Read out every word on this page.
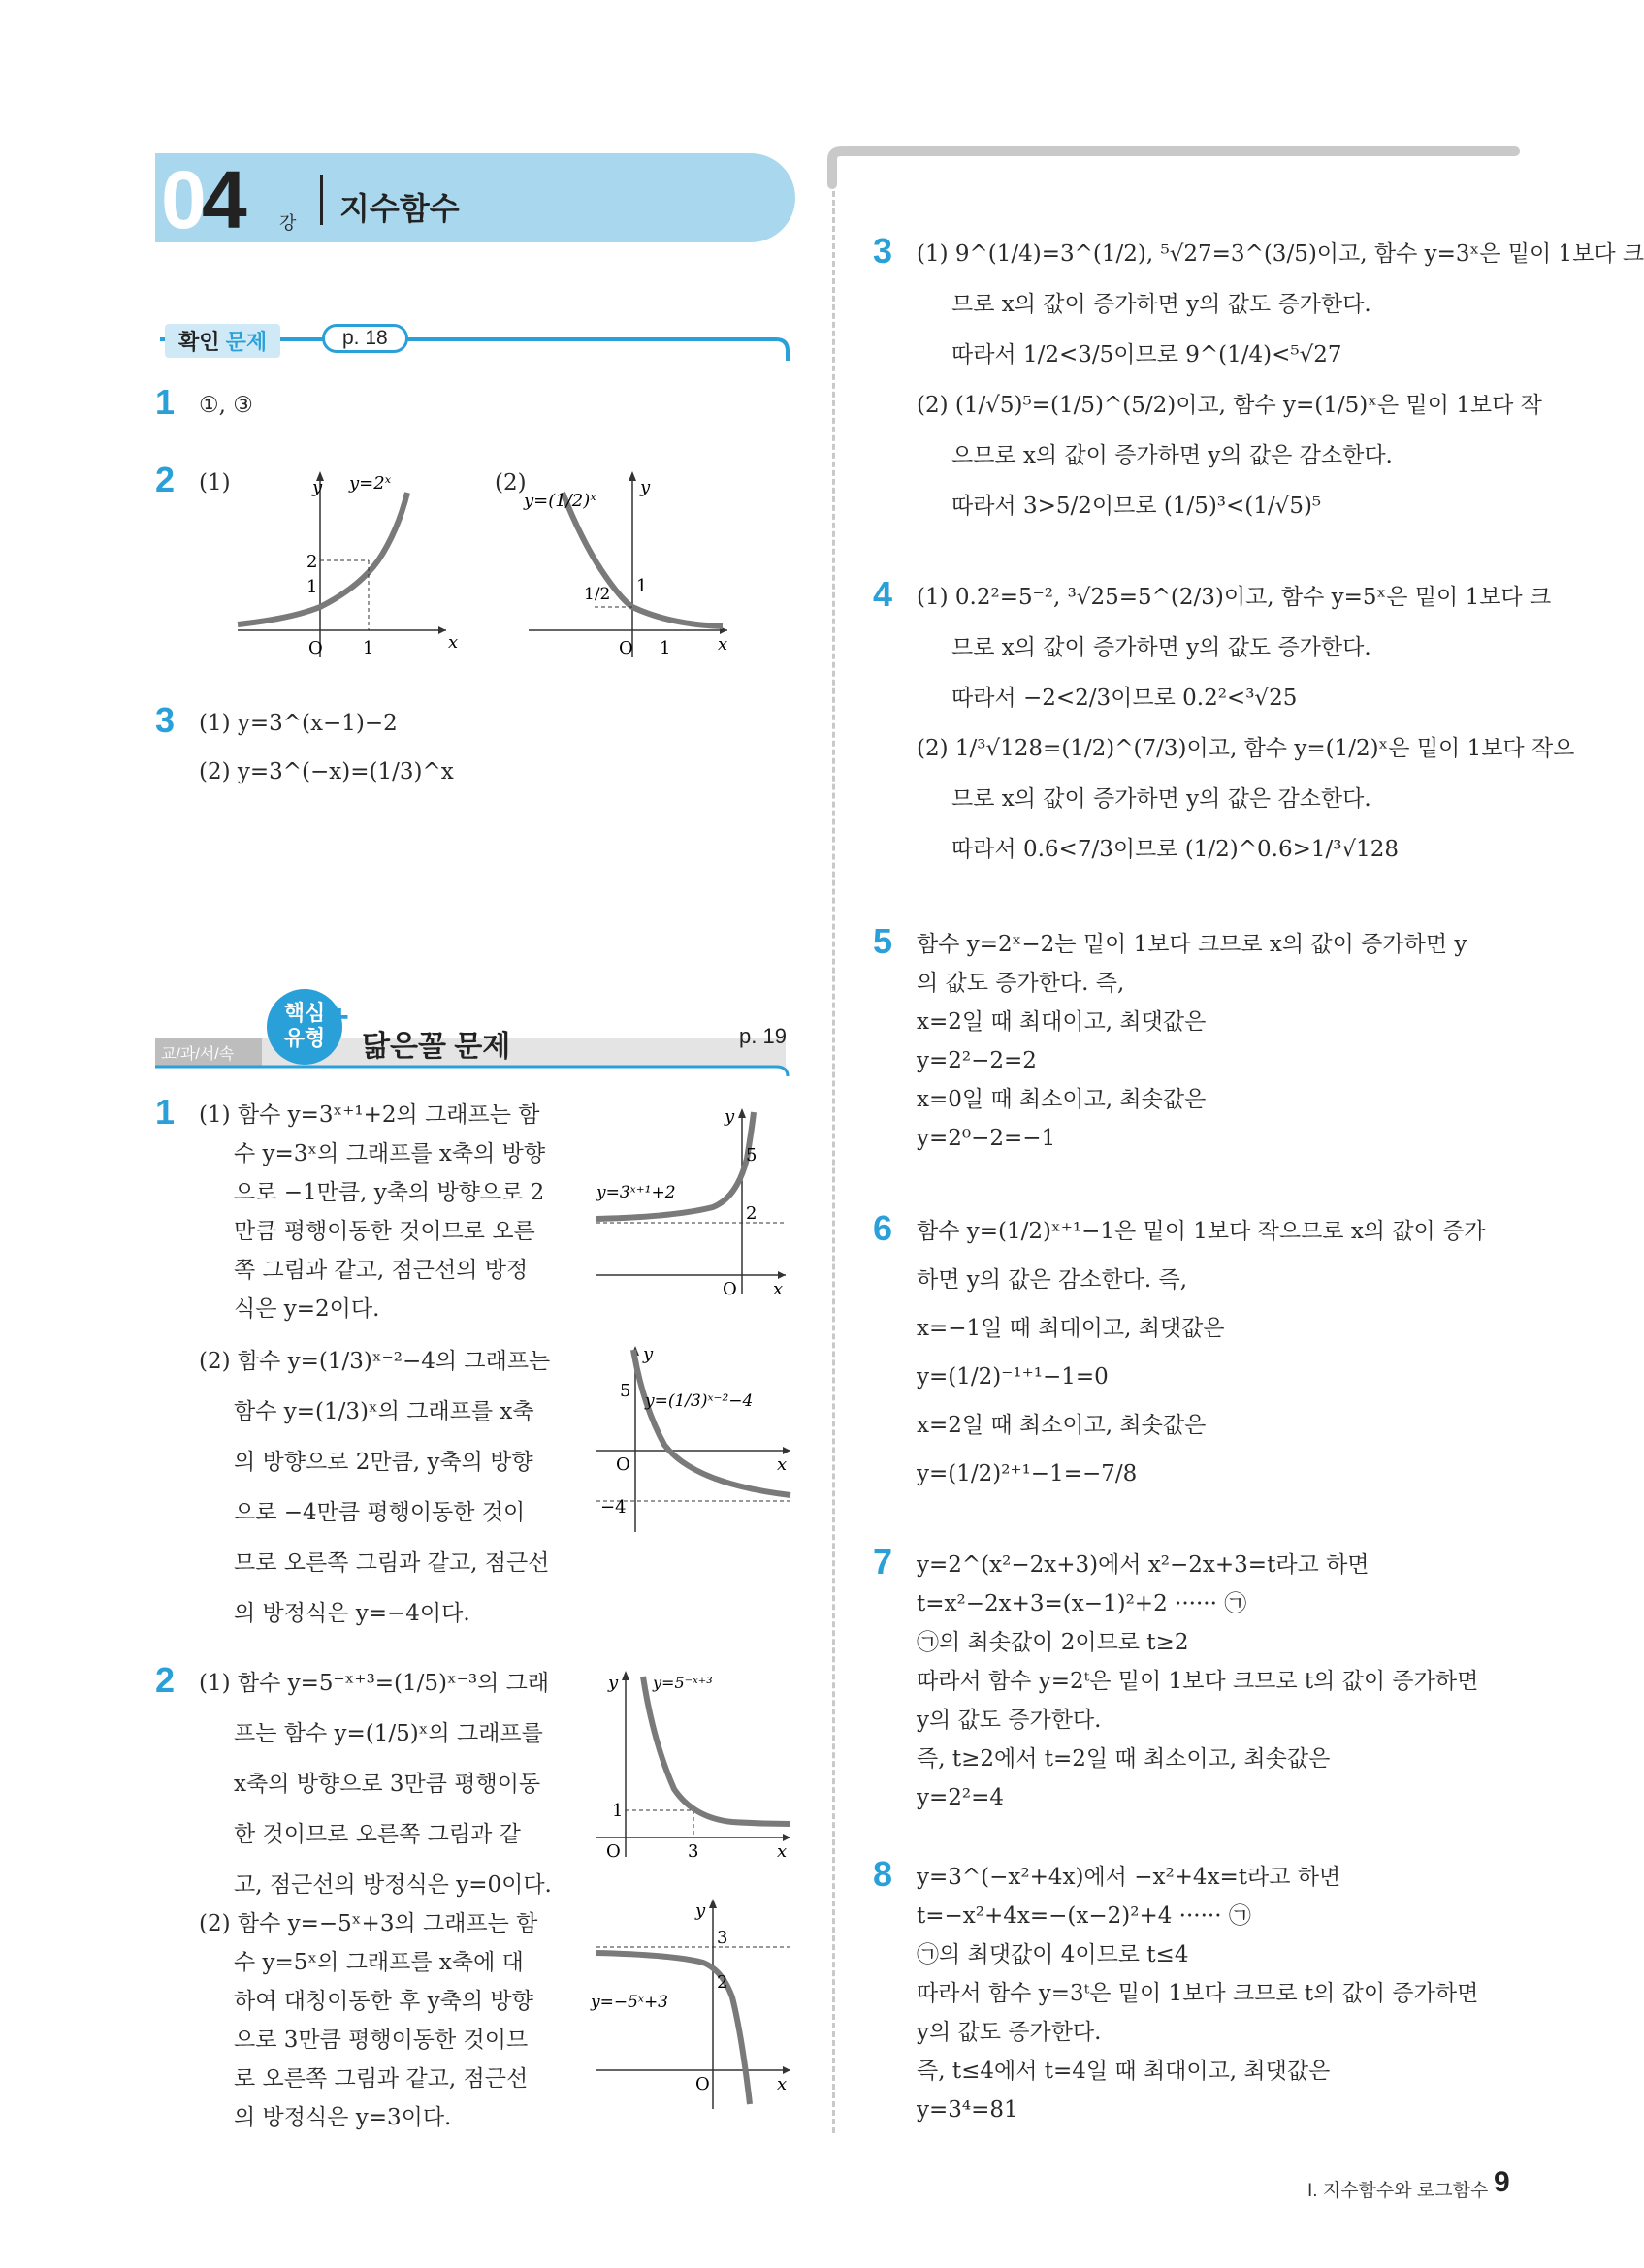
0
4 강 지수함수
확인 문제	p. 18
1 ①, ③
2 (1)	(2)
y
x
y=2ˣ
O 1
2
1
y=(1/2)ˣ
y
x
O 1
1
1/2
3 (1) y=3^(x−1)−2
(2) y=3^(−x)=(1/3)^x
교/과/서/속
핵심
유형
+
닮은꼴 문제	p. 19
1 (1) 함수 y=3ˣ⁺¹+2의 그래프는 함
수 y=3ˣ의 그래프를 x축의 방향
으로 −1만큼, y축의 방향으로 2
만큼 평행이동한 것이므로 오른
쪽 그림과 같고, 점근선의 방정
식은 y=2이다.
(2) 함수 y=(1/3)ˣ⁻²−4의 그래프는
함수 y=(1/3)ˣ의 그래프를 x축
의 방향으로 2만큼, y축의 방향
으로 −4만큼 평행이동한 것이
므로 오른쪽 그림과 같고, 점근선
의 방정식은 y=−4이다.
y
x
y=3ˣ⁺¹+2
5
2
O
y
x
y=(1/3)ˣ⁻²−4
5
O
−4
2 (1) 함수 y=5⁻ˣ⁺³=(1/5)ˣ⁻³의 그래
프는 함수 y=(1/5)ˣ의 그래프를
x축의 방향으로 3만큼 평행이동
한 것이므로 오른쪽 그림과 같
고, 점근선의 방정식은 y=0이다.
(2) 함수 y=−5ˣ+3의 그래프는 함
수 y=5ˣ의 그래프를 x축에 대
하여 대칭이동한 후 y축의 방향
으로 3만큼 평행이동한 것이므
로 오른쪽 그림과 같고, 점근선
의 방정식은 y=3이다.
y
x
y=5⁻ˣ⁺³
1
O	3
y
x
y=−5ˣ+3
3
2
O
3 (1) 9^(1/4)=3^(1/2), ⁵√27=3^(3/5)이고, 함수 y=3ˣ은 밑이 1보다 크
므로 x의 값이 증가하면 y의 값도 증가한다.
따라서 1/2<3/5이므로 9^(1/4)<⁵√27
(2) (1/√5)⁵=(1/5)^(5/2)이고, 함수 y=(1/5)ˣ은 밑이 1보다 작
으므로 x의 값이 증가하면 y의 값은 감소한다.
따라서 3>5/2이므로 (1/5)³<(1/√5)⁵
4 (1) 0.2²=5⁻², ³√25=5^(2/3)이고, 함수 y=5ˣ은 밑이 1보다 크
므로 x의 값이 증가하면 y의 값도 증가한다.
따라서 −2<2/3이므로 0.2²<³√25
(2) 1/³√128=(1/2)^(7/3)이고, 함수 y=(1/2)ˣ은 밑이 1보다 작으
므로 x의 값이 증가하면 y의 값은 감소한다.
따라서 0.6<7/3이므로 (1/2)^0.6>1/³√128
5 함수 y=2ˣ−2는 밑이 1보다 크므로 x의 값이 증가하면 y
의 값도 증가한다. 즉,
x=2일 때 최대이고, 최댓값은
y=2²−2=2
x=0일 때 최소이고, 최솟값은
y=2⁰−2=−1
6 함수 y=(1/2)ˣ⁺¹−1은 밑이 1보다 작으므로 x의 값이 증가
하면 y의 값은 감소한다. 즉,
x=−1일 때 최대이고, 최댓값은
y=(1/2)⁻¹⁺¹−1=0
x=2일 때 최소이고, 최솟값은
y=(1/2)²⁺¹−1=−7/8
7 y=2^(x²−2x+3)에서 x²−2x+3=t라고 하면
t=x²−2x+3=(x−1)²+2 ······ ㉠
㉠의 최솟값이 2이므로 t≥2
따라서 함수 y=2ᵗ은 밑이 1보다 크므로 t의 값이 증가하면
y의 값도 증가한다.
즉, t≥2에서 t=2일 때 최소이고, 최솟값은
y=2²=4
8 y=3^(−x²+4x)에서 −x²+4x=t라고 하면
t=−x²+4x=−(x−2)²+4 ······ ㉠
㉠의 최댓값이 4이므로 t≤4
따라서 함수 y=3ᵗ은 밑이 1보다 크므로 t의 값이 증가하면
y의 값도 증가한다.
즉, t≤4에서 t=4일 때 최대이고, 최댓값은
y=3⁴=81
I. 지수함수와 로그함수 9
